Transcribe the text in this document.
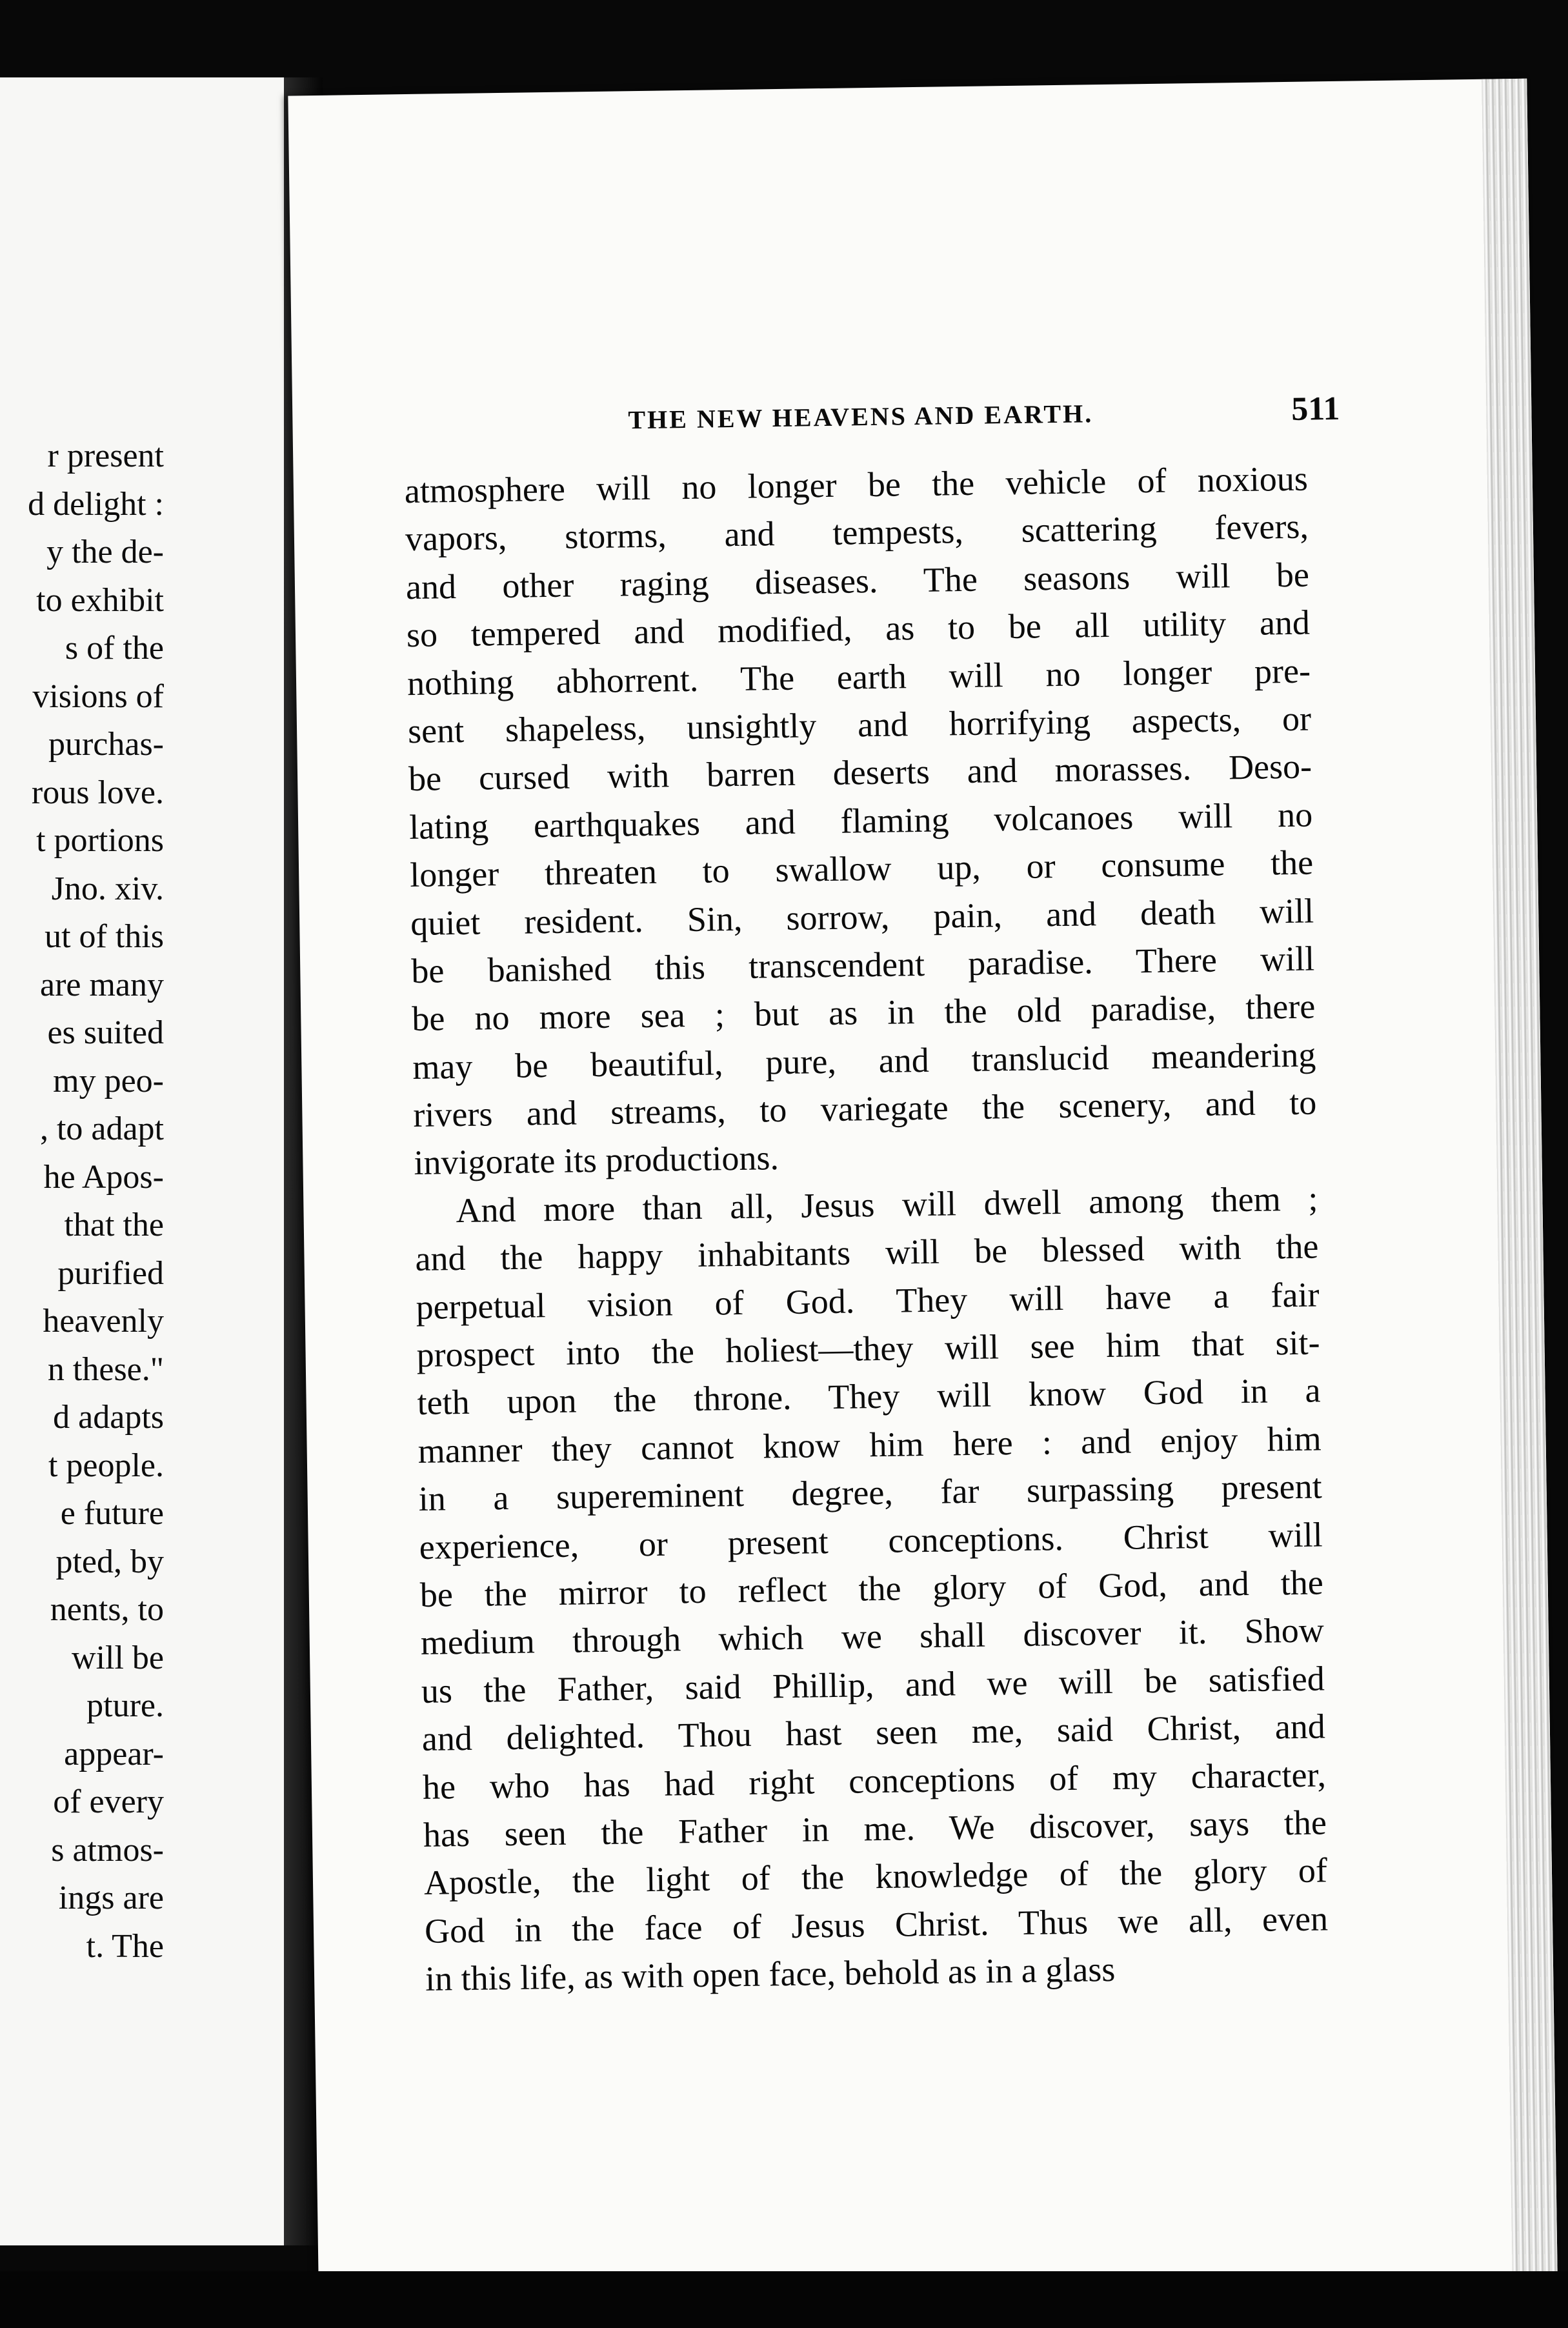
r present
d delight :
y the de-
to exhibit
s of the
visions of
purchas-
rous love.
t portions
Jno. xiv.
ut of this
are many
es suited
my peo-
, to adapt
he Apos-
that the
purified
heavenly
n these."
d adapts
t people.
e future
pted, by
nents, to
will be
pture.
appear-
of every
s atmos-
ings are
t. The
THE NEW HEAVENS AND EARTH.	511
atmosphere will no longer be the vehicle of noxious
vapors, storms, and tempests, scattering fevers,
and other raging diseases. The seasons will be
so tempered and modified, as to be all utility and
nothing abhorrent. The earth will no longer pre-
sent shapeless, unsightly and horrifying aspects, or
be cursed with barren deserts and morasses. Deso-
lating earthquakes and flaming volcanoes will no
longer threaten to swallow up, or consume the
quiet resident. Sin, sorrow, pain, and death will
be banished this transcendent paradise. There will
be no more sea ; but as in the old paradise, there
may be beautiful, pure, and translucid meandering
rivers and streams, to variegate the scenery, and to
invigorate its productions.
And more than all, Jesus will dwell among them ;
and the happy inhabitants will be blessed with the
perpetual vision of God. They will have a fair
prospect into the holiest—they will see him that sit-
teth upon the throne. They will know God in a
manner they cannot know him here : and enjoy him
in a supereminent degree, far surpassing present
experience, or present conceptions. Christ will
be the mirror to reflect the glory of God, and the
medium through which we shall discover it. Show
us the Father, said Phillip, and we will be satisfied
and delighted. Thou hast seen me, said Christ, and
he who has had right conceptions of my character,
has seen the Father in me. We discover, says the
Apostle, the light of the knowledge of the glory of
God in the face of Jesus Christ. Thus we all, even
in this life, as with open face, behold as in a glass
